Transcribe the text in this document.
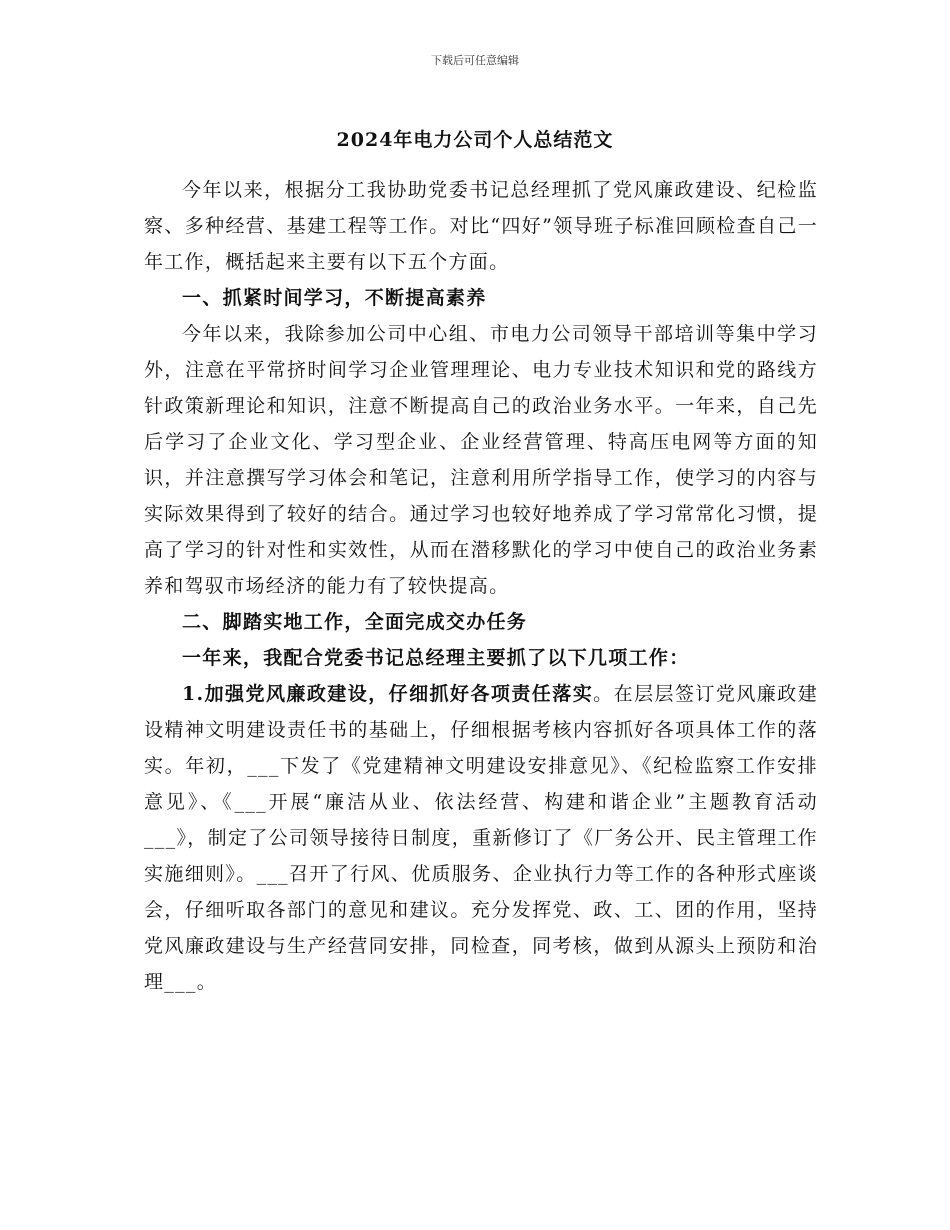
下载后可任意编辑
2024年电力公司个人总结范文

今年以来，根据分工我协助党委书记总经理抓了党风廉政建设、纪检监察、多种经营、基建工程等工作。对比“四好”领导班子标准回顾检查自己一年工作，概括起来主要有以下五个方面。

一、抓紧时间学习，不断提高素养

今年以来，我除参加公司中心组、市电力公司领导干部培训等集中学习外，注意在平常挤时间学习企业管理理论、电力专业技术知识和党的路线方针政策新理论和知识，注意不断提高自己的政治业务水平。一年来，自己先后学习了企业文化、学习型企业、企业经营管理、特高压电网等方面的知识，并注意撰写学习体会和笔记，注意利用所学指导工作，使学习的内容与实际效果得到了较好的结合。通过学习也较好地养成了学习常常化习惯，提高了学习的针对性和实效性，从而在潜移默化的学习中使自己的政治业务素养和驾驭市场经济的能力有了较快提高。

二、脚踏实地工作，全面完成交办任务

一年来，我配合党委书记总经理主要抓了以下几项工作：

1.加强党风廉政建设，仔细抓好各项责任落实。在层层签订党风廉政建设精神文明建设责任书的基础上，仔细根据考核内容抓好各项具体工作的落实。年初，___下发了《党建精神文明建设安排意见》、《纪检监察工作安排意见》、《___开展“廉洁从业、依法经营、构建和谐企业”主题教育活动___》，制定了公司领导接待日制度，重新修订了《厂务公开、民主管理工作实施细则》。___召开了行风、优质服务、企业执行力等工作的各种形式座谈会，仔细听取各部门的意见和建议。充分发挥党、政、工、团的作用，坚持党风廉政建设与生产经营同安排，同检查，同考核，做到从源头上预防和治理___。
